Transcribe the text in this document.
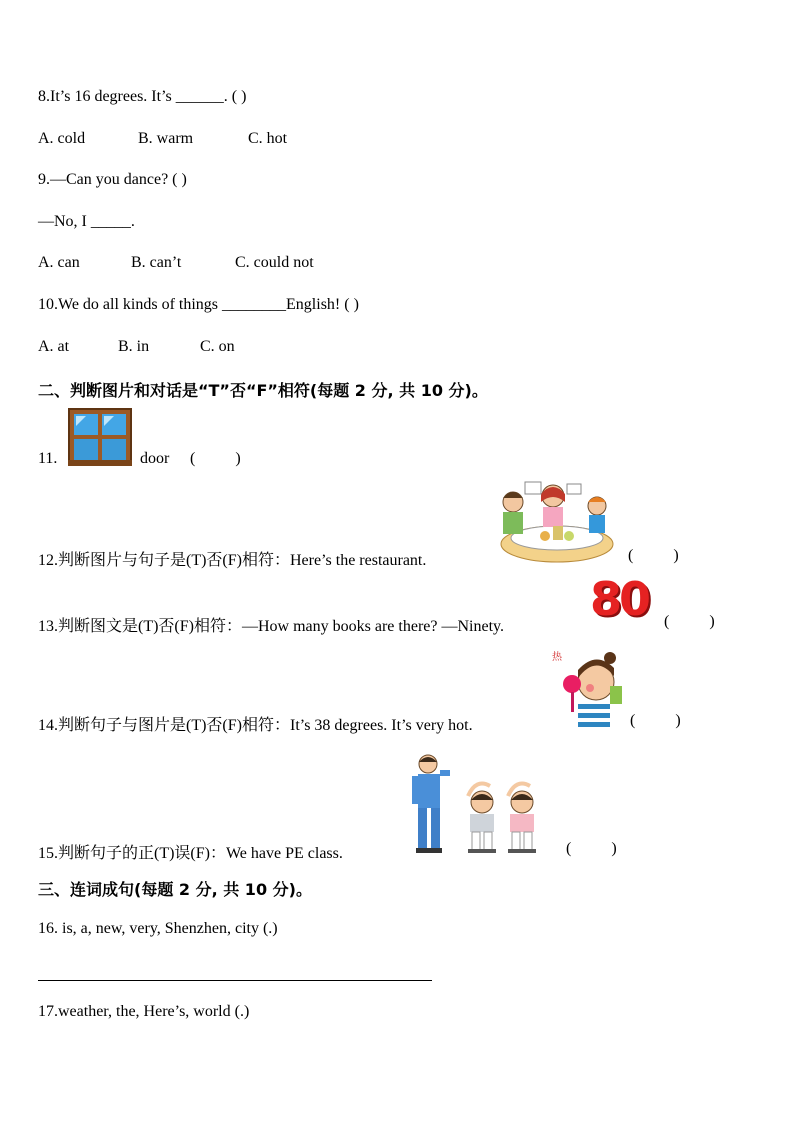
8.It’s 16 degrees. It’s ______. ( )
A. cold	B. warm	C. hot
9.—Can you dance? ( )
—No, I _____.
A. can	B. can’t	C. could not
10.We do all kinds of things ________English! ( )
A. at	B. in	C. on
二、判断图片和对话是“T”否“F”相符(每题 2 分, 共 10 分)。
11.	door (          )
12.判断图片与句子是(T)否(F)相符：Here’s the restaurant.	(          )
13.判断图文是(T)否(F)相符：—How many books are there? —Ninety.
80 (          )
14.判断句子与图片是(T)否(F)相符：It’s 38 degrees. It’s very hot.
热
(          )
15.判断句子的正(T)误(F)：We have PE class.	(          )
三、连词成句(每题 2 分, 共 10 分)。
16. is, a, new, very, Shenzhen, city (.)
17.weather, the, Here’s, world (.)
